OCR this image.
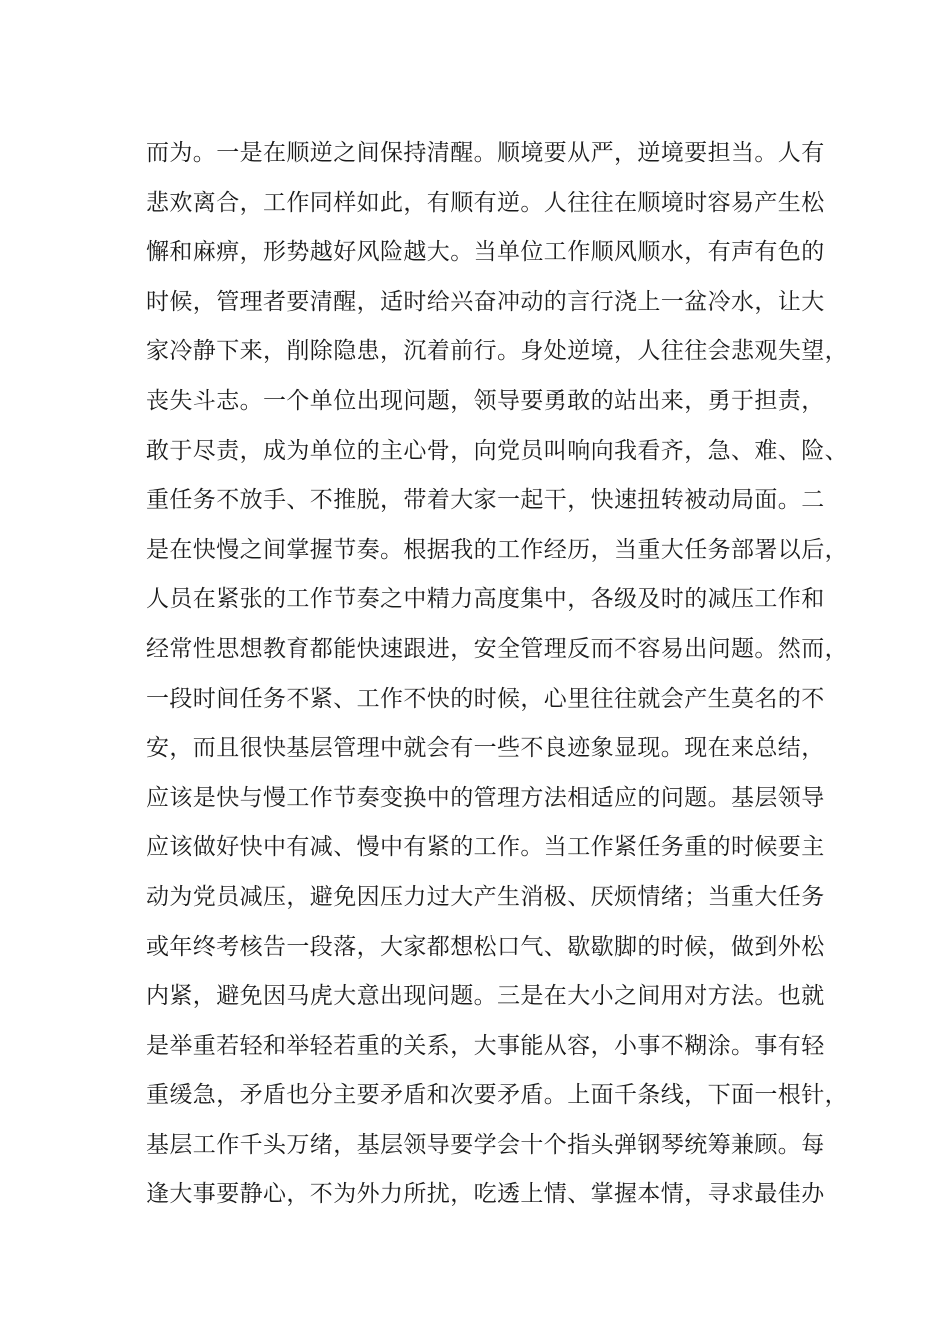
而为。一是在顺逆之间保持清醒。顺境要从严，逆境要担当。人有
悲欢离合，工作同样如此，有顺有逆。人往往在顺境时容易产生松
懈和麻痹，形势越好风险越大。当单位工作顺风顺水，有声有色的
时候，管理者要清醒，适时给兴奋冲动的言行浇上一盆冷水，让大
家冷静下来，削除隐患，沉着前行。身处逆境，人往往会悲观失望，
丧失斗志。一个单位出现问题，领导要勇敢的站出来，勇于担责，
敢于尽责，成为单位的主心骨，向党员叫响向我看齐，急、难、险、
重任务不放手、不推脱，带着大家一起干，快速扭转被动局面。二
是在快慢之间掌握节奏。根据我的工作经历，当重大任务部署以后，
人员在紧张的工作节奏之中精力高度集中，各级及时的减压工作和
经常性思想教育都能快速跟进，安全管理反而不容易出问题。然而，
一段时间任务不紧、工作不快的时候，心里往往就会产生莫名的不
安，而且很快基层管理中就会有一些不良迹象显现。现在来总结，
应该是快与慢工作节奏变换中的管理方法相适应的问题。基层领导
应该做好快中有减、慢中有紧的工作。当工作紧任务重的时候要主
动为党员减压，避免因压力过大产生消极、厌烦情绪；当重大任务
或年终考核告一段落，大家都想松口气、歇歇脚的时候，做到外松
内紧，避免因马虎大意出现问题。三是在大小之间用对方法。也就
是举重若轻和举轻若重的关系，大事能从容，小事不糊涂。事有轻
重缓急，矛盾也分主要矛盾和次要矛盾。上面千条线，下面一根针，
基层工作千头万绪，基层领导要学会十个指头弹钢琴统筹兼顾。每
逢大事要静心，不为外力所扰，吃透上情、掌握本情，寻求最佳办
